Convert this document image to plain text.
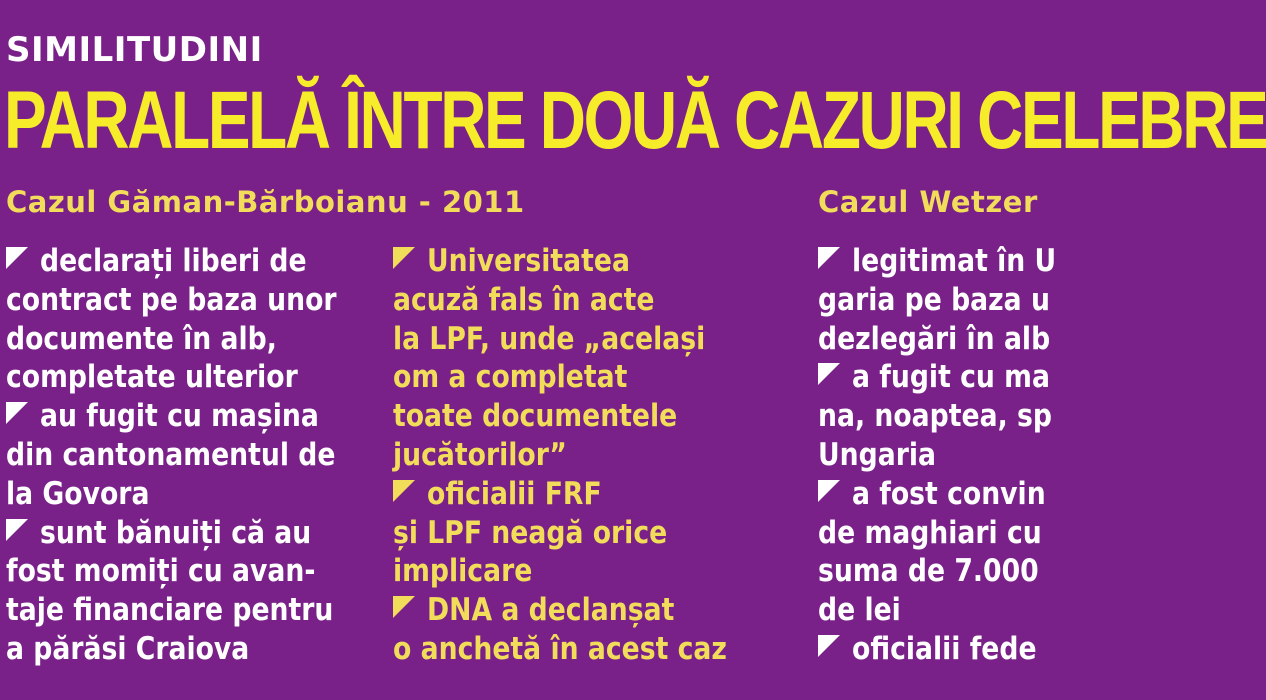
SIMILITUDINI
PARALELĂ ÎNTRE DOUĂ CAZURI CELEBRE
Cazul Găman-Bărboianu - 2011	Cazul Wetzer
declarați liberi de
contract pe baza unor
documente în alb,
completate ulterior
au fugit cu mașina
din cantonamentul de
la Govora
sunt bănuiți că au
fost momiți cu avan-
taje financiare pentru
a părăsi Craiova
Universitatea
acuză fals în acte
la LPF, unde „același
om a completat
toate documentele
jucătorilor”
oficialii FRF
și LPF neagă orice
implicare
DNA a declanșat
o anchetă în acest caz
legitimat în U
garia pe baza u
dezlegări în alb
a fugit cu ma
na, noaptea, sp
Ungaria
a fost convin
de maghiari cu
suma de 7.000
de lei
oficialii fede
